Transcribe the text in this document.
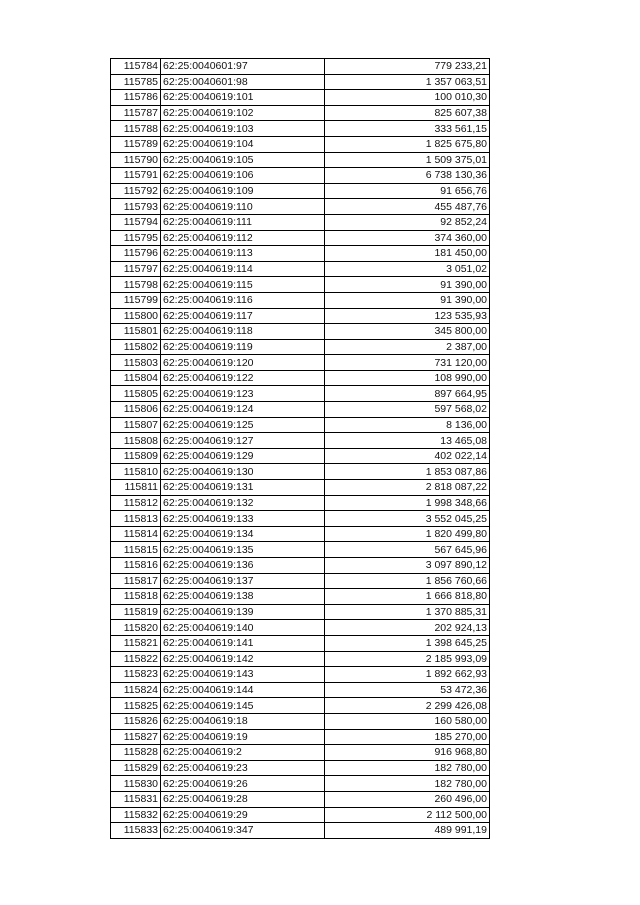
115784	62:25:0040601:97	779 233,21
115785	62:25:0040601:98	1 357 063,51
115786	62:25:0040619:101	100 010,30
115787	62:25:0040619:102	825 607,38
115788	62:25:0040619:103	333 561,15
115789	62:25:0040619:104	1 825 675,80
115790	62:25:0040619:105	1 509 375,01
115791	62:25:0040619:106	6 738 130,36
115792	62:25:0040619:109	91 656,76
115793	62:25:0040619:110	455 487,76
115794	62:25:0040619:111	92 852,24
115795	62:25:0040619:112	374 360,00
115796	62:25:0040619:113	181 450,00
115797	62:25:0040619:114	3 051,02
115798	62:25:0040619:115	91 390,00
115799	62:25:0040619:116	91 390,00
115800	62:25:0040619:117	123 535,93
115801	62:25:0040619:118	345 800,00
115802	62:25:0040619:119	2 387,00
115803	62:25:0040619:120	731 120,00
115804	62:25:0040619:122	108 990,00
115805	62:25:0040619:123	897 664,95
115806	62:25:0040619:124	597 568,02
115807	62:25:0040619:125	8 136,00
115808	62:25:0040619:127	13 465,08
115809	62:25:0040619:129	402 022,14
115810	62:25:0040619:130	1 853 087,86
115811	62:25:0040619:131	2 818 087,22
115812	62:25:0040619:132	1 998 348,66
115813	62:25:0040619:133	3 552 045,25
115814	62:25:0040619:134	1 820 499,80
115815	62:25:0040619:135	567 645,96
115816	62:25:0040619:136	3 097 890,12
115817	62:25:0040619:137	1 856 760,66
115818	62:25:0040619:138	1 666 818,80
115819	62:25:0040619:139	1 370 885,31
115820	62:25:0040619:140	202 924,13
115821	62:25:0040619:141	1 398 645,25
115822	62:25:0040619:142	2 185 993,09
115823	62:25:0040619:143	1 892 662,93
115824	62:25:0040619:144	53 472,36
115825	62:25:0040619:145	2 299 426,08
115826	62:25:0040619:18	160 580,00
115827	62:25:0040619:19	185 270,00
115828	62:25:0040619:2	916 968,80
115829	62:25:0040619:23	182 780,00
115830	62:25:0040619:26	182 780,00
115831	62:25:0040619:28	260 496,00
115832	62:25:0040619:29	2 112 500,00
115833	62:25:0040619:347	489 991,19
